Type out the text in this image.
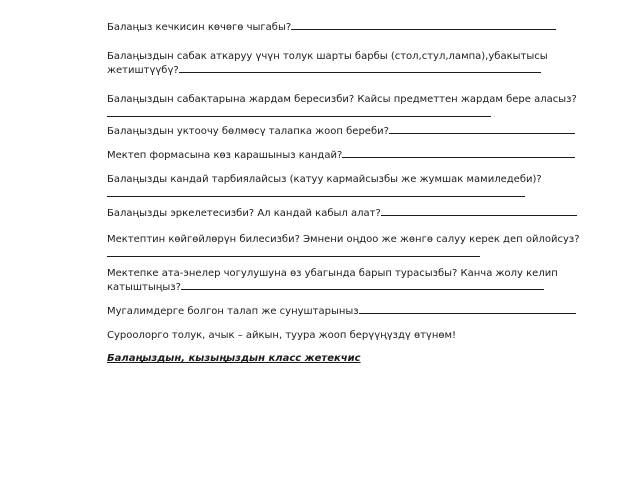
Балаңыз кечкисин көчөгө чыгабы?
Балаңыздын сабак аткаруу үчүн толук шарты барбы (стол,стул,лампа),убакытысы
жетиштүүбү?
Балаңыздын сабактарына жардам бересизби? Кайсы предметтен жардам бере аласыз?
Балаңыздын уктоочу бөлмөсү талапка жооп береби?
Мектеп формасына көз карашыныз кандай?
Балаңызды кандай тарбиялайсыз (катуу кармайсызбы же жумшак мамиледеби)?
Балаңызды эркелетесизби? Ал кандай кабыл алат?
Мектептин көйгөйлөрүн билесизби? Эмнени оңдоо же жөнгө салуу керек деп ойлойсуз?
Мектепке ата-энелер чогулушуна өз убагында барып турасызбы? Канча жолу келип
катыштыңыз?
Мугалимдерге болгон талап же сунуштарыныз
Суроолорго толук, ачык – айкын, туура жооп берүүңүздү өтүнөм!
Балаңыздын, кызыңыздын класс жетекчис
